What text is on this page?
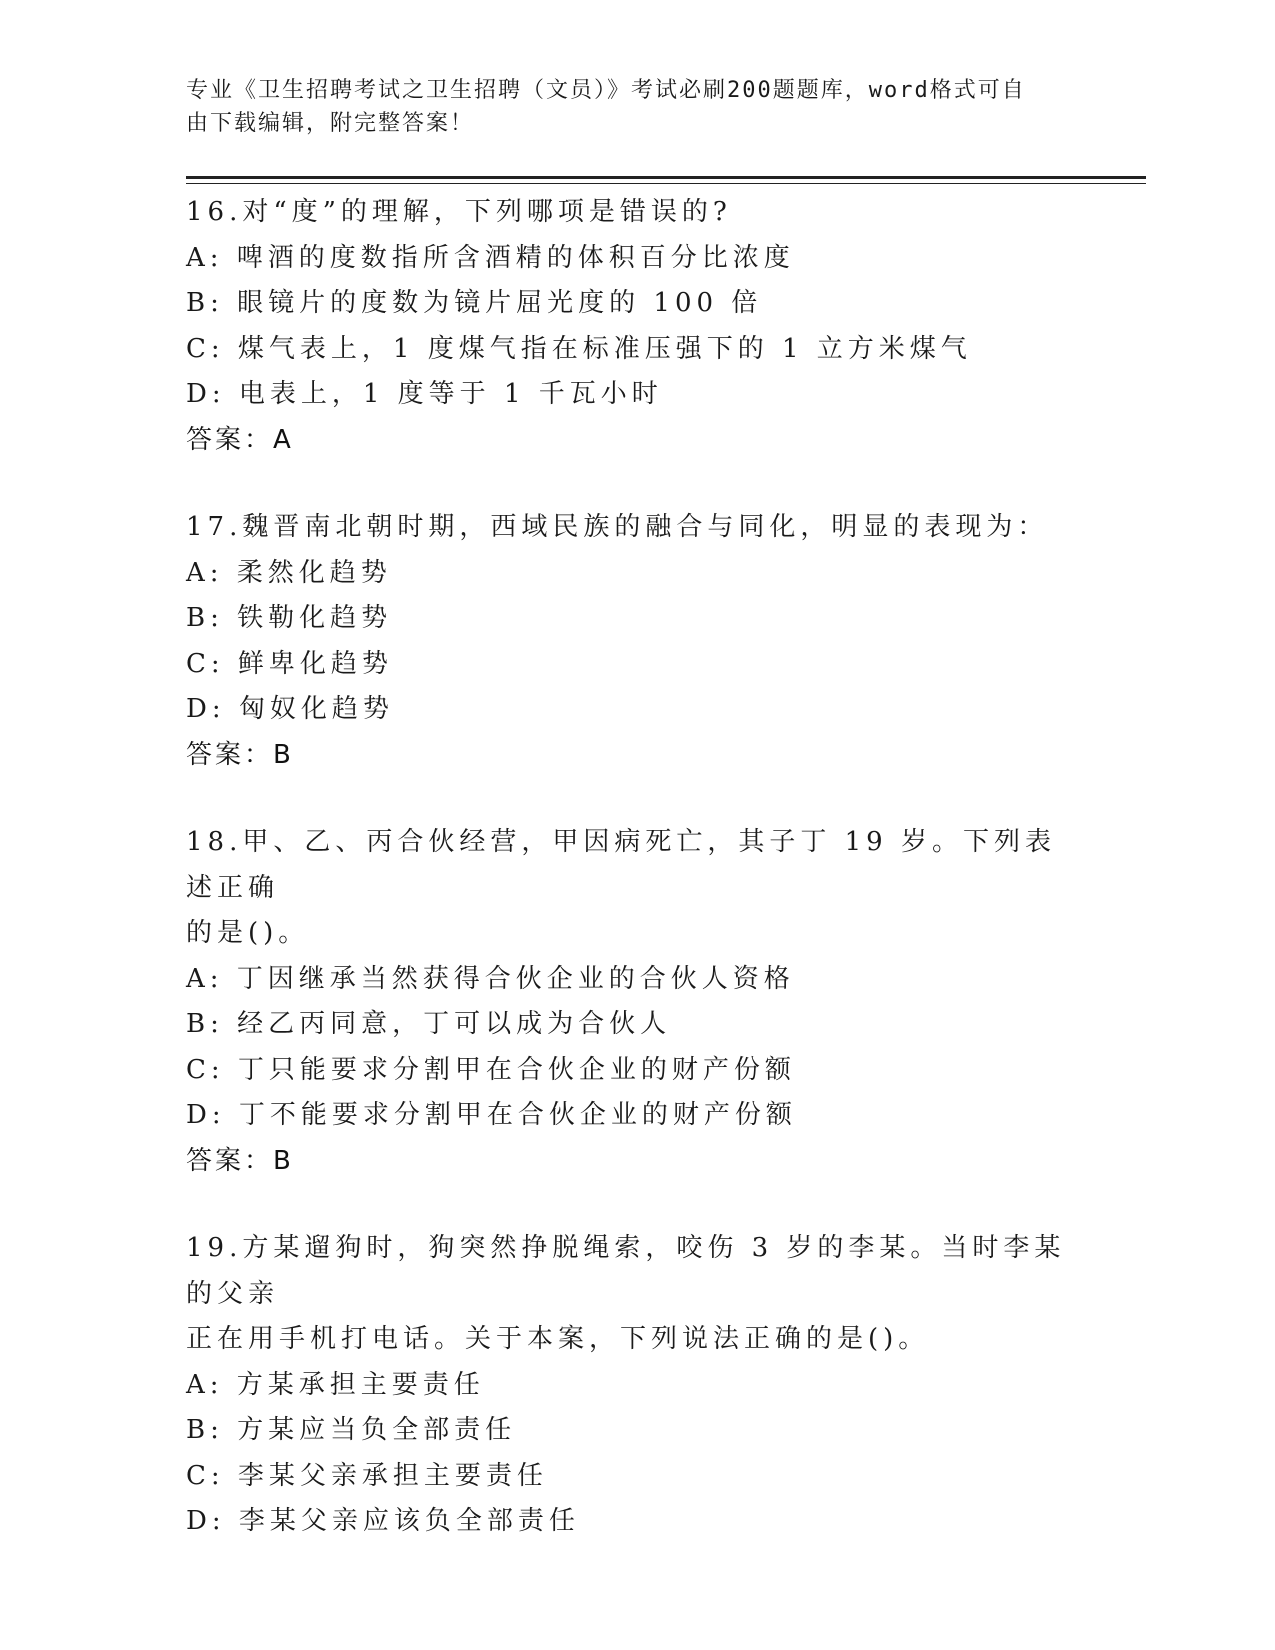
专业《卫生招聘考试之卫生招聘（文员）》考试必刷200题题库，word格式可自
由下载编辑，附完整答案！
16.对“度”的理解，下列哪项是错误的?
A: 啤酒的度数指所含酒精的体积百分比浓度
B: 眼镜片的度数为镜片屈光度的 100 倍
C: 煤气表上，1 度煤气指在标准压强下的 1 立方米煤气
D: 电表上，1 度等于 1 千瓦小时
答案：A
17.魏晋南北朝时期，西域民族的融合与同化，明显的表现为：
A: 柔然化趋势
B: 铁勒化趋势
C: 鲜卑化趋势
D: 匈奴化趋势
答案：B
18.甲、乙、丙合伙经营，甲因病死亡，其子丁 19 岁。下列表述正确
的是()。
A: 丁因继承当然获得合伙企业的合伙人资格
B: 经乙丙同意，丁可以成为合伙人
C: 丁只能要求分割甲在合伙企业的财产份额
D: 丁不能要求分割甲在合伙企业的财产份额
答案：B
19.方某遛狗时，狗突然挣脱绳索，咬伤 3 岁的李某。当时李某的父亲
正在用手机打电话。关于本案，下列说法正确的是()。
A: 方某承担主要责任
B: 方某应当负全部责任
C: 李某父亲承担主要责任
D: 李某父亲应该负全部责任
